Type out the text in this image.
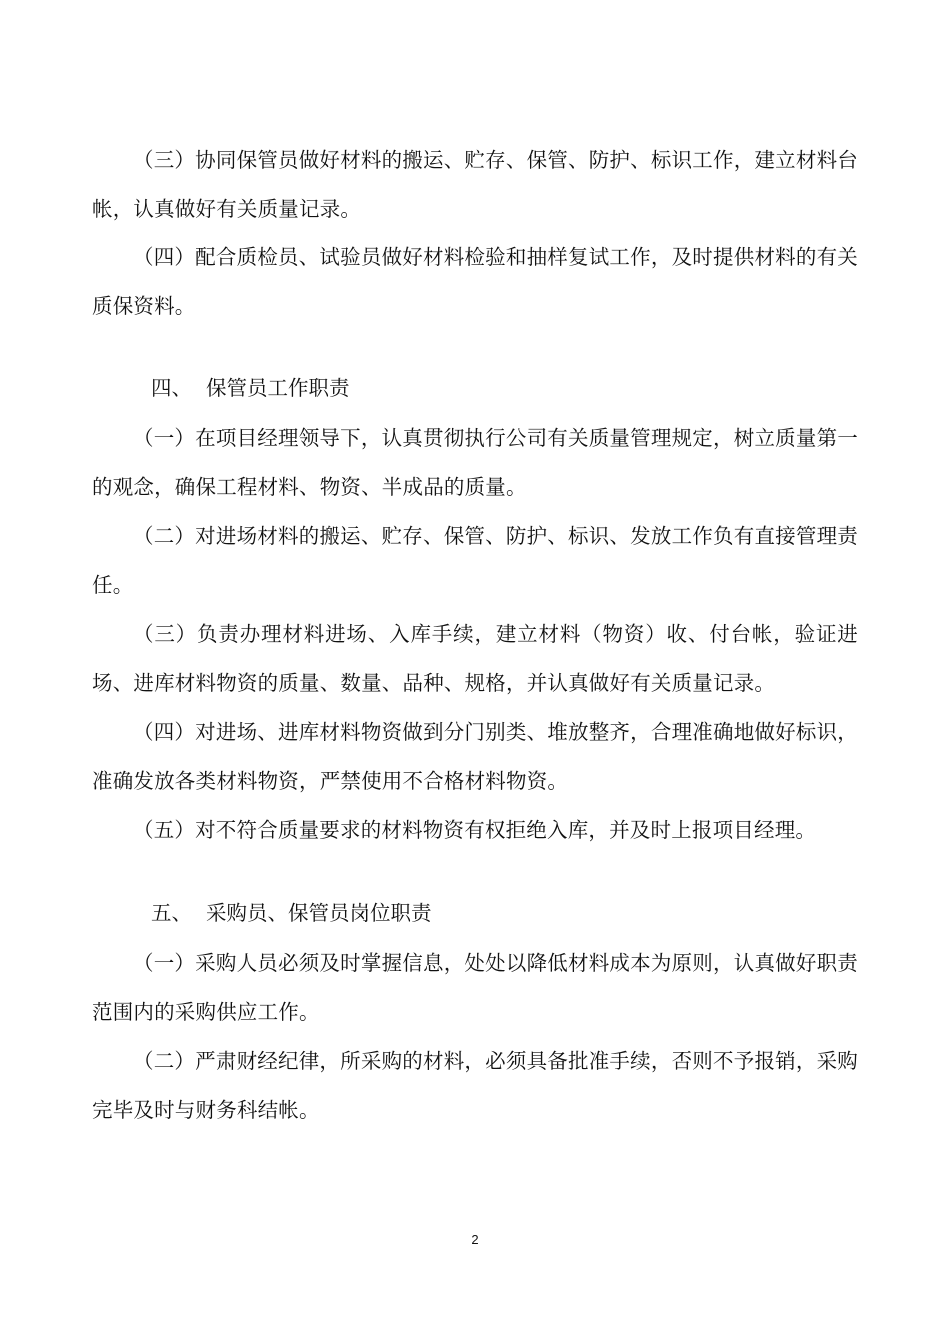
（三）协同保管员做好材料的搬运、贮存、保管、防护、标识工作，建立材料台帐，认真做好有关质量记录。

（四）配合质检员、试验员做好材料检验和抽样复试工作，及时提供材料的有关质保资料。

四、 保管员工作职责

（一）在项目经理领导下，认真贯彻执行公司有关质量管理规定，树立质量第一的观念，确保工程材料、物资、半成品的质量。

（二）对进场材料的搬运、贮存、保管、防护、标识、发放工作负有直接管理责任。

（三）负责办理材料进场、入库手续，建立材料（物资）收、付台帐，验证进场、进库材料物资的质量、数量、品种、规格，并认真做好有关质量记录。

（四）对进场、进库材料物资做到分门别类、堆放整齐，合理准确地做好标识，准确发放各类材料物资，严禁使用不合格材料物资。

（五）对不符合质量要求的材料物资有权拒绝入库，并及时上报项目经理。

五、 采购员、保管员岗位职责

（一）采购人员必须及时掌握信息，处处以降低材料成本为原则，认真做好职责范围内的采购供应工作。

（二）严肃财经纪律，所采购的材料，必须具备批准手续，否则不予报销，采购完毕及时与财务科结帐。

2
